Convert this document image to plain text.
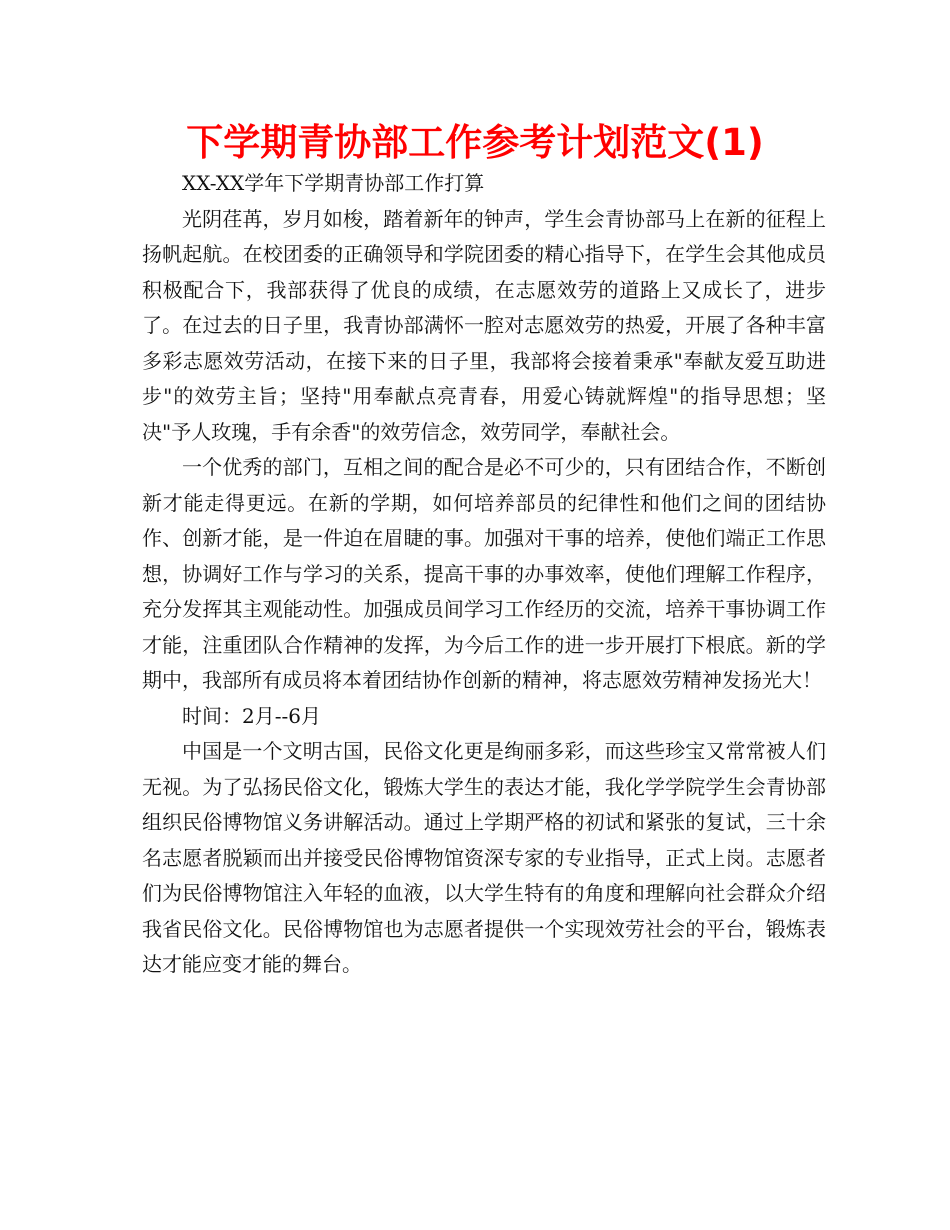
下学期青协部工作参考计划范文(1)

XX-XX学年下学期青协部工作打算

光阴荏苒，岁月如梭，踏着新年的钟声，学生会青协部马上在新的征程上扬帆起航。在校团委的正确领导和学院团委的精心指导下，在学生会其他成员积极配合下，我部获得了优良的成绩，在志愿效劳的道路上又成长了，进步了。在过去的日子里，我青协部满怀一腔对志愿效劳的热爱，开展了各种丰富多彩志愿效劳活动，在接下来的日子里，我部将会接着秉承"奉献友爱互助进步"的效劳主旨；坚持"用奉献点亮青春，用爱心铸就辉煌"的指导思想；坚决"予人玫瑰，手有余香"的效劳信念，效劳同学，奉献社会。

一个优秀的部门，互相之间的配合是必不可少的，只有团结合作，不断创新才能走得更远。在新的学期，如何培养部员的纪律性和他们之间的团结协作、创新才能，是一件迫在眉睫的事。加强对干事的培养，使他们端正工作思想，协调好工作与学习的关系，提高干事的办事效率，使他们理解工作程序，充分发挥其主观能动性。加强成员间学习工作经历的交流，培养干事协调工作才能，注重团队合作精神的发挥，为今后工作的进一步开展打下根底。新的学期中，我部所有成员将本着团结协作创新的精神，将志愿效劳精神发扬光大！

时间：2月--6月

中国是一个文明古国，民俗文化更是绚丽多彩，而这些珍宝又常常被人们无视。为了弘扬民俗文化，锻炼大学生的表达才能，我化学学院学生会青协部组织民俗博物馆义务讲解活动。通过上学期严格的初试和紧张的复试，三十余名志愿者脱颖而出并接受民俗博物馆资深专家的专业指导，正式上岗。志愿者们为民俗博物馆注入年轻的血液，以大学生特有的角度和理解向社会群众介绍我省民俗文化。民俗博物馆也为志愿者提供一个实现效劳社会的平台，锻炼表达才能应变才能的舞台。
